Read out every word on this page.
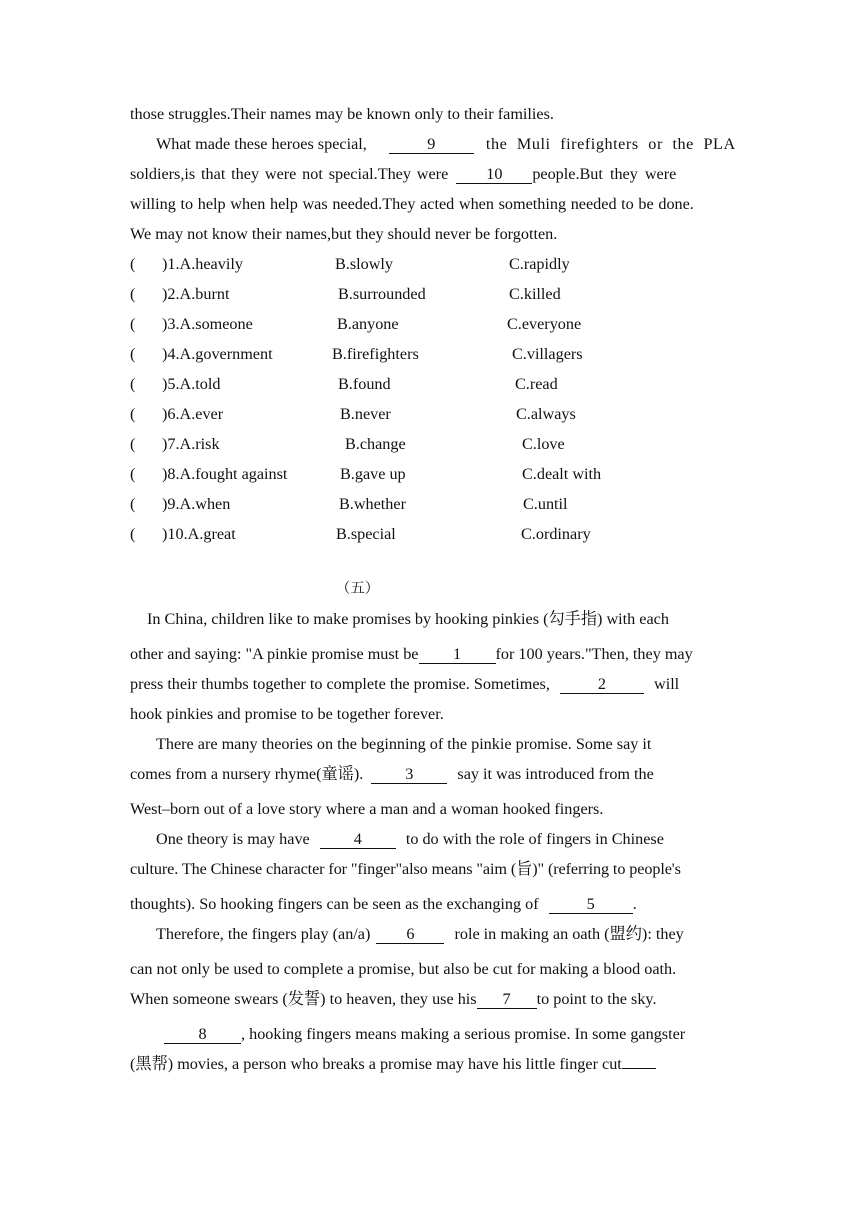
those struggles.Their names may be known only to their families.
What made these heroes special,	9	the Muli firefighters or the PLA
soldiers,is that they were not special.They were 10 people.But they were
willing to help when help was needed.They acted when something needed to be done.
We may not know their names,but they should never be forgotten.
( )1.A.heavily	B.slowly	C.rapidly
( )2.A.burnt	B.surrounded	C.killed
( )3.A.someone	B.anyone	C.everyone
( )4.A.government	B.firefighters	C.villagers
( )5.A.told	B.found	C.read
( )6.A.ever	B.never	C.always
( )7.A.risk	B.change	C.love
( )8.A.fought against	B.gave up	C.dealt with
( )9.A.when	B.whether	C.until
( )10.A.great	B.special	C.ordinary
（五）
In China, children like to make promises by hooking pinkies (勾手指) with each
other and saying: "A pinkie promise must be 1 for 100 years."Then, they may
press their thumbs together to complete the promise. Sometimes,	2	will
hook pinkies and promise to be together forever.
There are many theories on the beginning of the pinkie promise. Some say it
comes from a nursery rhyme(童谣).	3	say it was introduced from the
West–born out of a love story where a man and a woman hooked fingers.
One theory is may have	4	to do with the role of fingers in Chinese
culture. The Chinese character for "finger"also means "aim (旨)" (referring to people's
thoughts). So hooking fingers can be seen as the exchanging of	5 .
Therefore, the fingers play (an/a) 6 role in making an oath (盟约): they
can not only be used to complete a promise, but also be cut for making a blood oath.
When someone swears (发誓) to heaven, they use his 7 to point to the sky.
8 , hooking fingers means making a serious promise. In some gangster
(黑帮) movies, a person who breaks a promise may have his little finger cut
